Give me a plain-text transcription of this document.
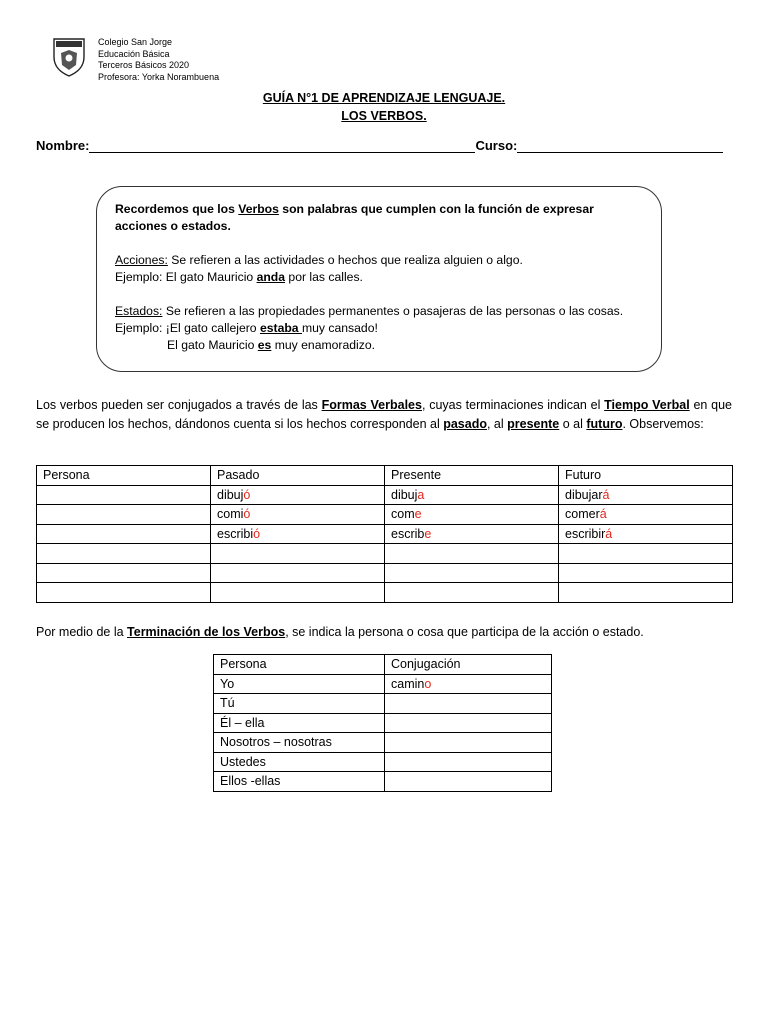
Colegio San Jorge
Educación Básica
Terceros Básicos 2020
Profesora: Yorka Norambuena
GUÍA N°1 DE APRENDIZAJE LENGUAJE.
LOS VERBOS.
Nombre:	Curso:

Recordemos que los Verbos son palabras que cumplen con la función de expresar acciones o estados.

Acciones: Se refieren a las actividades o hechos que realiza alguien o algo.

Ejemplo: El gato Mauricio anda por las calles.

Estados: Se refieren a las propiedades permanentes o pasajeras de las personas o las cosas.

Ejemplo: ¡El gato callejero estaba muy cansado!

El gato Mauricio es muy enamoradizo.

Los verbos pueden ser conjugados a través de las Formas Verbales, cuyas terminaciones indican el Tiempo Verbal en que se producen los hechos, dándonos cuenta si los hechos corresponden al pasado, al presente o al futuro. Observemos:
Persona	Pasado	Presente	Futuro
	dibujó	dibuja	dibujará
	comió	come	comerá
	escribió	escribe	escribirá

Por medio de la Terminación de los Verbos, se indica la persona o cosa que participa de la acción o estado.
Persona	Conjugación
Yo	camino
Tú	
Él – ella	
Nosotros – nosotras	
Ustedes	
Ellos -ellas	
